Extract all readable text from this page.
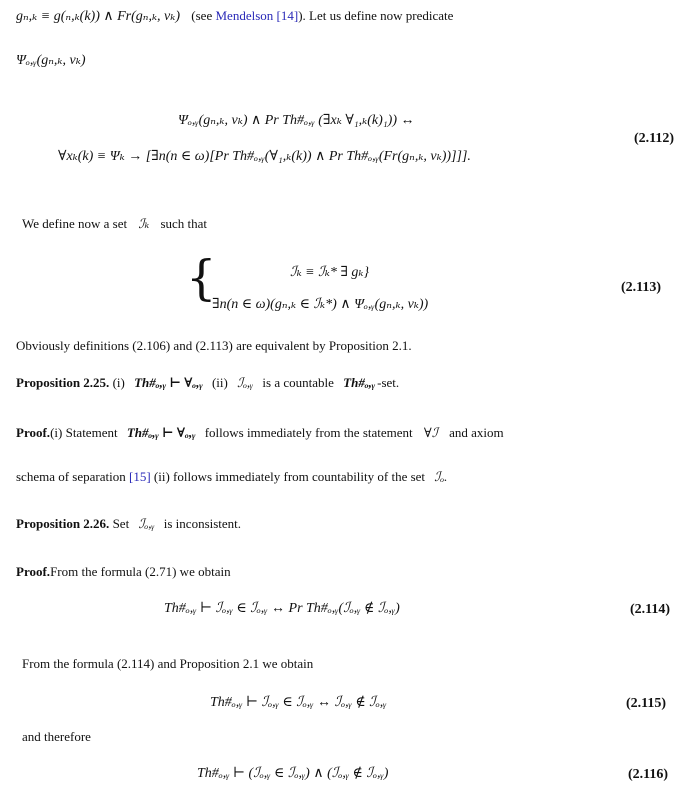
gₙ,ₖ ≡ g(ₙ,ₖ(k)) ∧ Fr(gₙ,ₖ, vₖ) (see Mendelson [14]). Let us define now predicate
Ψₒ,ᵧ(gₙ,ₖ, vₖ)
Ψₒ,ᵧ(gₙ,ₖ, vₖ) ∧ Pr Th#ₒ,ᵧ (∃xₖ ∀₁,ₖ(k)₁)) ↔
∀xₖ(k) ≡ Ψₖ → [∃n(n ∈ ω)[Pr Th#ₒ,ᵧ(∀₁,ₖ(k)) ∧ Pr Th#ₒ,ᵧ(Fr(gₙ,ₖ, vₖ))]]].
(2.112)
We define now a set ℐₖ such that
{	ℐₖ ≡ ℐₖ* ∃ gₖ}
∃n(n ∈ ω)(gₙ,ₖ ∈ ℐₖ*) ∧ Ψₒ,ᵧ(gₙ,ₖ, vₖ))
(2.113)
Obviously definitions (2.106) and (2.113) are equivalent by Proposition 2.1.
Proposition 2.25. (i) Th#ₒ,ᵧ ⊢ ∀ₒ,ᵧ (ii) ℐₒ,ᵧ is a countable Th#ₒ,ᵧ -set.
Proof.(i) Statement Th#ₒ,ᵧ ⊢ ∀ₒ,ᵧ follows immediately from the statement ∀ℐ and axiom
schema of separation [15] (ii) follows immediately from countability of the set ℐₒ.
Proposition 2.26. Set ℐₒ,ᵧ is inconsistent.
Proof.From the formula (2.71) we obtain
Th#ₒ,ᵧ ⊢ ℐₒ,ᵧ ∈ ℐₒ,ᵧ ↔ Pr Th#ₒ,ᵧ(ℐₒ,ᵧ ∉ ℐₒ,ᵧ)	(2.114)
From the formula (2.114) and Proposition 2.1 we obtain
Th#ₒ,ᵧ ⊢ ℐₒ,ᵧ ∈ ℐₒ,ᵧ ↔ ℐₒ,ᵧ ∉ ℐₒ,ᵧ	(2.115)
and therefore
Th#ₒ,ᵧ ⊢ (ℐₒ,ᵧ ∈ ℐₒ,ᵧ) ∧ (ℐₒ,ᵧ ∉ ℐₒ,ᵧ)	(2.116)
